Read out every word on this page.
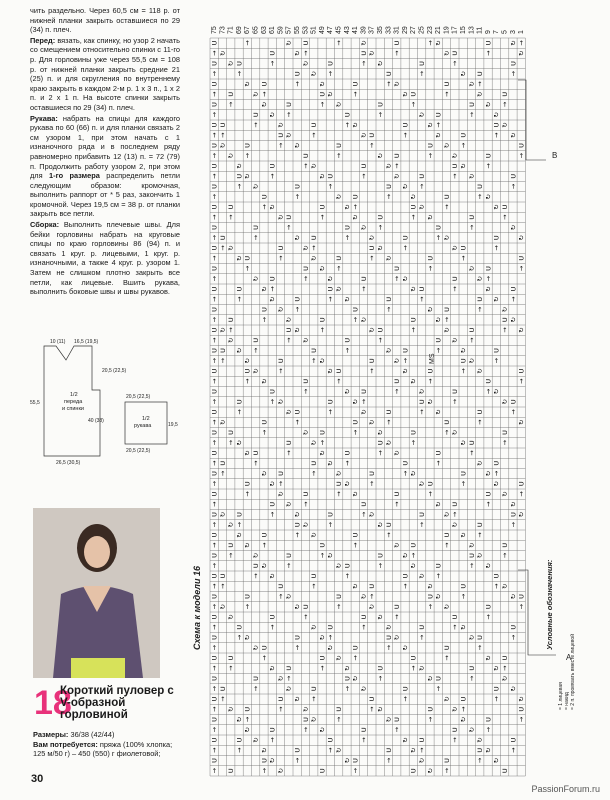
чить раздельно. Через 60,5 см = 118 р. от нижней планки закрыть оставшиеся по 29 (34) п. плеч.

Перед: вязать, как спинку, но узор 2 начать со смещением относительно спинки с 11-го р. Для горловины уже через 55,5 см = 108 р. от нижней планки закрыть средние 21 (25) п. и для скругления по внутреннему краю закрыть в каждом 2-м р. 1 х 3 п., 1 х 2 п. и 2 х 1 п. На высоте спинки закрыть оставшиеся по 29 (34) п. плеч.

Рукава: набрать на спицы для каждого рукава по 60 (66) п. и для планки связать 2 см узором 1, при этом начать с 1 изнаночного ряда и в последнем ряду равномерно прибавить 12 (13) п. = 72 (79) п. Продолжить работу узором 2, при этом для 1-го размера распределить петли следующим образом: кромочная, выполнить раппорт от * 5 раз, закончить 1 кромочной. Через 19,5 см = 38 р. от планки закрыть все петли.

Сборка: Выполнить плечевые швы. Для бейки горловины набрать на круговые спицы по краю горловины 86 (94) п. и связать 1 круг. р. лицевыми, 1 круг. р. изнаночными, а также 4 круг. р. узором 1. Затем не слишком плотно закрыть все петли, как лицевые. Вшить рукава, выполнить боковые швы и швы рукавов.

10 (11) 16,5 (19,5)
20,5 (22,5)
55,5
40 (38)
26,5 (30,5)
1/2
переда
и спинки
20,5 (22,5)
19,5
20,5 (22,5)
1/2
рукава
18
Короткий пуловер с V-образной горловиной
Размеры: 36/38 (42/44)
Вам потребуется: пряжа (100% хлопка; 125 м/50 г) – 450 (550) г фиолетовой;
30
PassionForum.ru
Схема к модели 16
75 73 71 69 67 65 63 61 59 57 55 53 51 49 47 45 43 41 39 37 35 33 31 29 27 25 23 21 19 17 15 13 11 9 7 5 3 1
U
→
U
→
U
→
U
→
U
→
U
→
U
→
U
→
U
→
U
→
U
→
U
→
U
→
U
→
U
→
U
→
U
→
U
→
U
→
U
→
U
→
U
→
U
→
U
→
U
→
U
→
U
→
U
→
U
→
U
→
U
→
U
→
U
→
U
→
U
→
U
→
↻
U
→
↻
U
→
↻
U
→
↻
U
→
↻
U
→
↻
U
→
↻
U
→
↻
U
→
↻
U
→
↻
U
→
↻
U
→
↻
U
→
↻
U
U
→
↻
U
→
↻
U
→
↻
U
→
↻
U
→
↻
U
→
↻
U
→
→
↻
U
→
↻
U
→
↻
U
→
↻
U
→
↻
U
→
↻
U
→
↻
↻
U
→
↻
U
→
↻
U
→
↻
U
→
↻
U
→
↻
U
→
↻
U
→
↻
U
→
↻
U
→
↻
U
→
↻
U
→
↻
U
→
↻
U
→
U
→
↻
U
→
↻
U
→
↻
U
→
↻
U
→
↻
U
→
↻
U
→
↻
↻
U
→
↻
U
→
↻
U
→
↻
U
→
↻
U
→
↻
U
→
↻
↻
U
→
↻
U
→
↻
U
→
↻
U
→
↻
U
→
↻
U
→
↻
↻
U
→
↻
U
→
↻
U
→
↻
U
→
↻
U
→
↻
U
→
↻
U
→
U
→
↻
U
→
↻
U
→
↻
U
→
↻
U
→
↻
U
→
↻
U
→
↻
U
→
↻
U
→
↻
U
→
↻
U
→
↻
U
→
↻
U
→
↻
↻
U
→
↻
U
→
↻
U
→
↻
U
→
↻
U
→
↻
U
→
↻
U
U
→
↻
U
→
↻
U
→
↻
U
→
↻
U
→
↻
U
→
↻
U
→
→
↻
U
→
↻
U
→
↻
U
→
↻
U
→
↻
U
→
↻
U
→
↻
U
→
↻
U
→
↻
U
→
↻
U
→
↻
U
→
↻
U
→
↻
U
→
↻
U
→
↻
U
→
↻
U
→
↻
U
→
↻
U
→
↻
U
→
↻
U
→
↻
U
→
↻
U
→
↻
U
→
↻
U
→
↻
U
→
↻
U
→
↻
U
→
↻
U
→
↻
U
→
↻
U
→
↻
U
→
↻
U
→
↻
U
→
↻
U
→
↻
U
→
↻
U
→
↻
U
→
↻
U
→
↻
U
→
↻
U
→
↻
U
→
↻
U
→
↻
U
→
↻
U
→
↻
U
→
U
→
↻
U
→
↻
U
→
↻
U
→
↻
U
→
↻
U
→
↻
U
→
↻
U
→
↻
U
→
↻
U
→
↻
U
→
↻
U
→
↻
U
→
↻
U
→
↻
U
→
↻
U
→
↻
U
→
↻
U
→
↻
U
→
↻
U
U
→
↻
U
→
↻
U
→
↻
U
→
↻
U
→
↻
U
→
↻
U
→
↻
→
↻
U
→
↻
U
→
↻
U
→
↻
U
→
↻
U
→
↻
U
→
↻
↻
U
→
↻
U
→
↻
U
→
↻
U
→
↻
U
→
↻
U
→
↻
U
→
↻
U
→
↻
U
→
↻
U
→
↻
U
→
↻
U
→
↻
U
→
U
→
↻
U
→
↻
U
→
↻
U
→
↻
U
→
↻
U
→
↻
U
→
↻
U
→
↻
U
→
↻
U
→
↻
U
→
↻
U
→
↻
U
→
↻
↻
U
→
↻
U
→
↻
U
→
↻
U
→
↻
U
→
↻
U
→
↻
U
→
↻
U
→
↻
U
→
↻
U
→
↻
U
→
↻
U
→
↻
U
→
U
→
↻
U
→
↻
U
→
↻
U
→
↻
U
→
↻
U
→
↻
U
→
↻
↻
U
→
↻
U
→
↻
U
→
↻
U
→
↻
U
→
↻
U
→
↻
U
→
↻
U
→
↻
U
→
↻
U
→
↻
U
→
↻
U
→
↻
U
↻
U
→
↻
U
→
↻
U
→
↻
U
→
↻
U
→
↻
U
→
↻
U
→
→
↻
U
→
↻
U
→
↻
U
→
↻
U
→
↻
U
→
↻
U
→
A
B
MS
Условные обозначения:
= 1 лицевая = накид = 2 п. провязать вместе лицевой
